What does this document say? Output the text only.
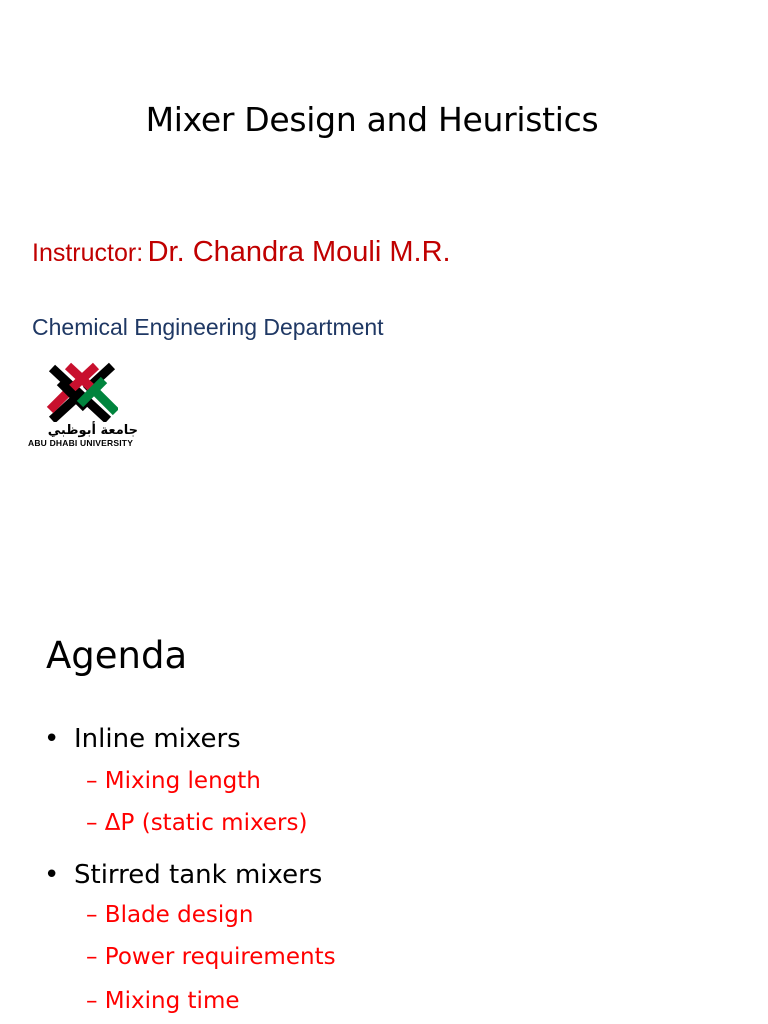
Mixer Design and Heuristics
Instructor: Dr. Chandra Mouli M.R.
Chemical Engineering Department
جامعة أبوظبي
ABU DHABI UNIVERSITY
Agenda
• Inline mixers
– Mixing length
– ΔP (static mixers)
• Stirred tank mixers
– Blade design
– Power requirements
– Mixing time
